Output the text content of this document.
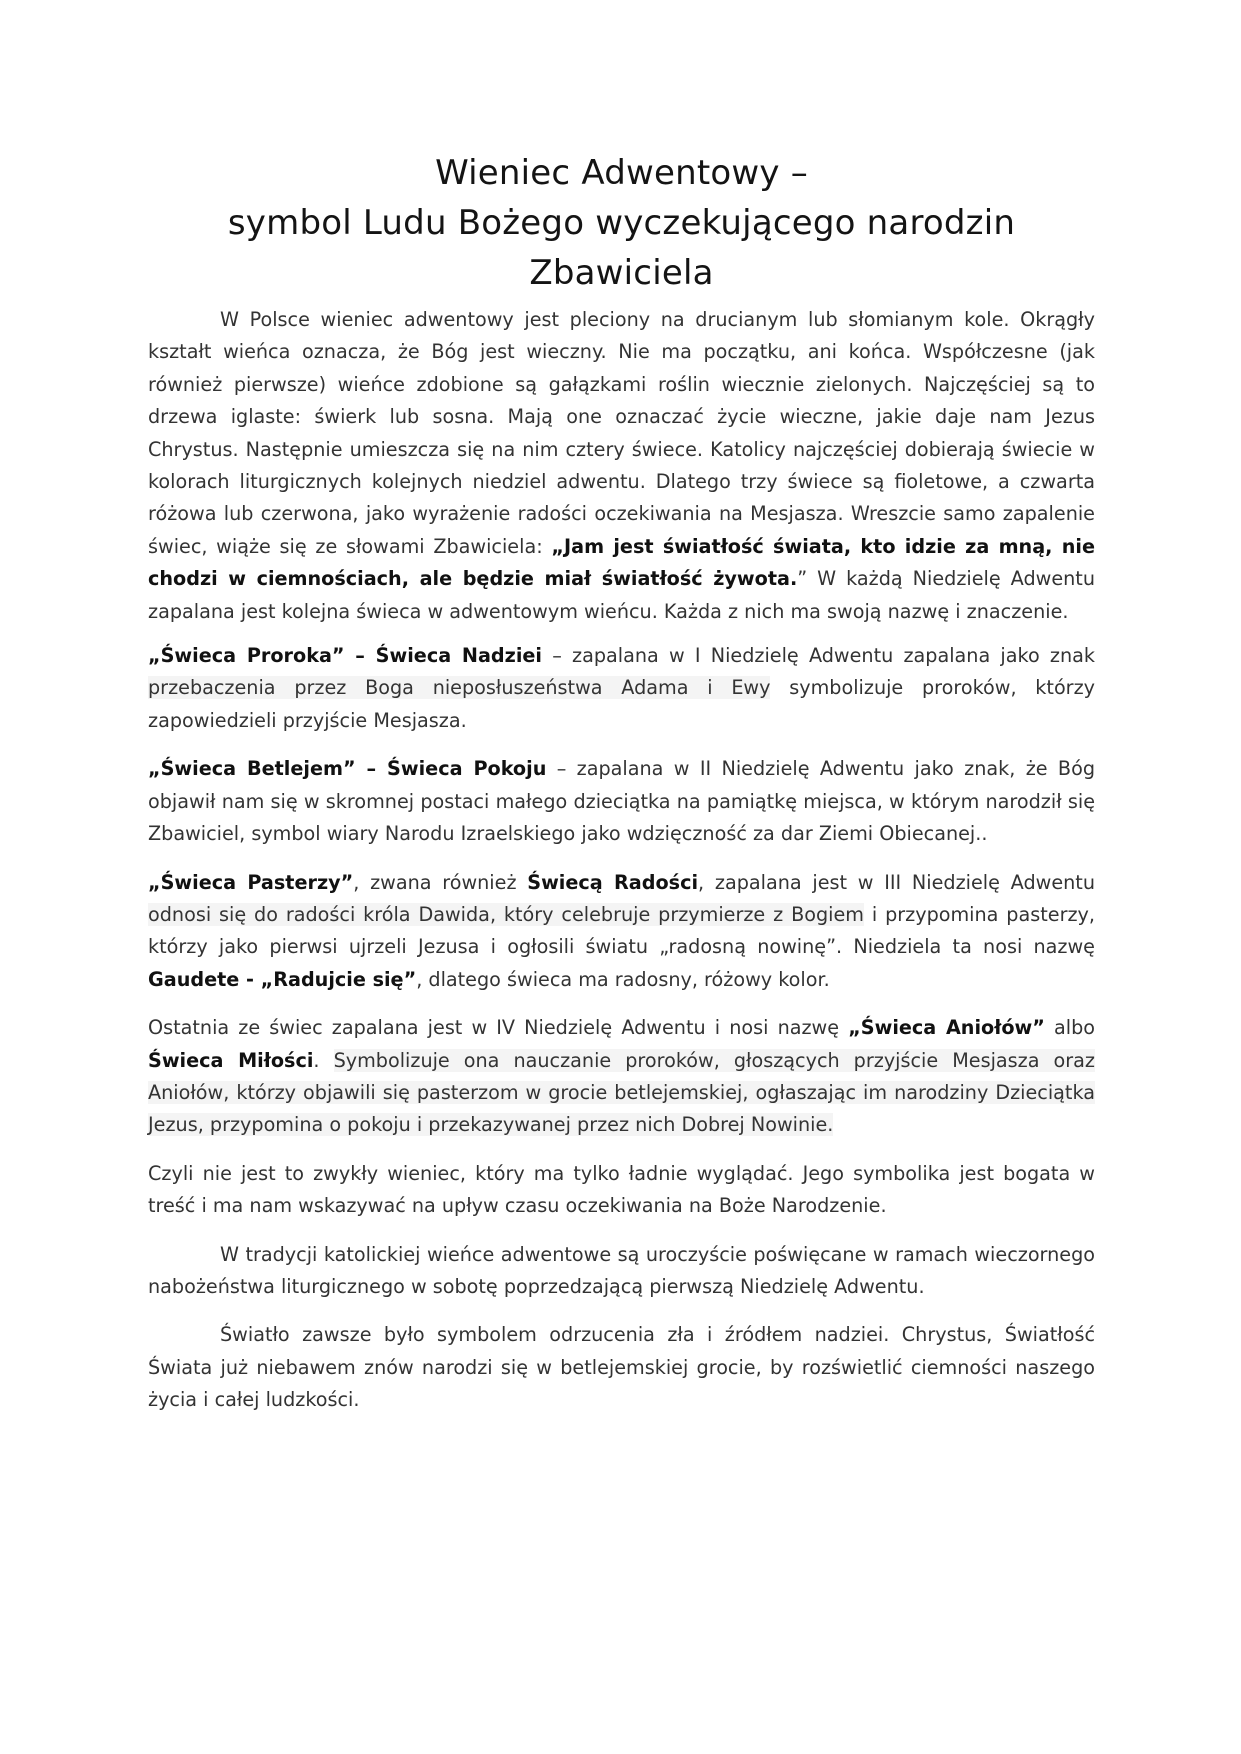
Wieniec Adwentowy –
symbol Ludu Bożego wyczekującego narodzin Zbawiciela

W Polsce wieniec adwentowy jest pleciony na drucianym lub słomianym kole. Okrągły kształt wieńca oznacza, że Bóg jest wieczny. Nie ma początku, ani końca. Współczesne (jak również pierwsze) wieńce zdobione są gałązkami roślin wiecznie zielonych. Najczęściej są to drzewa iglaste: świerk lub sosna. Mają one oznaczać życie wieczne, jakie daje nam Jezus Chrystus. Następnie umieszcza się na nim cztery świece. Katolicy najczęściej dobierają świecie w kolorach liturgicznych kolejnych niedziel adwentu. Dlatego trzy świece są fioletowe, a czwarta różowa lub czerwona, jako wyrażenie radości oczekiwania na Mesjasza. Wreszcie samo zapalenie świec, wiąże się ze słowami Zbawiciela: „Jam jest światłość świata, kto idzie za mną, nie chodzi w ciemnościach, ale będzie miał światłość żywota.” W każdą Niedzielę Adwentu zapalana jest kolejna świeca w adwentowym wieńcu. Każda z nich ma swoją nazwę i znaczenie.

„Świeca Proroka” – Świeca Nadziei – zapalana w I Niedzielę Adwentu zapalana jako znak przebaczenia przez Boga nieposłuszeństwa Adama i Ewy symbolizuje proroków, którzy zapowiedzieli przyjście Mesjasza.

„Świeca Betlejem” – Świeca Pokoju – zapalana w II Niedzielę Adwentu jako znak, że Bóg objawił nam się w skromnej postaci małego dzieciątka na pamiątkę miejsca, w którym narodził się Zbawiciel, symbol wiary Narodu Izraelskiego jako wdzięczność za dar Ziemi Obiecanej..

„Świeca Pasterzy”, zwana również Świecą Radości, zapalana jest w III Niedzielę Adwentu odnosi się do radości króla Dawida, który celebruje przymierze z Bogiem i przypomina pasterzy, którzy jako pierwsi ujrzeli Jezusa i ogłosili światu „radosną nowinę”. Niedziela ta nosi nazwę Gaudete - „Radujcie się”, dlatego świeca ma radosny, różowy kolor.

Ostatnia ze świec zapalana jest w IV Niedzielę Adwentu i nosi nazwę „Świeca Aniołów” albo Świeca Miłości. Symbolizuje ona nauczanie proroków, głoszących przyjście Mesjasza oraz Aniołów, którzy objawili się pasterzom w grocie betlejemskiej, ogłaszając im narodziny Dzieciątka Jezus, przypomina o pokoju i przekazywanej przez nich Dobrej Nowinie.

Czyli nie jest to zwykły wieniec, który ma tylko ładnie wyglądać. Jego symbolika jest bogata w treść i ma nam wskazywać na upływ czasu oczekiwania na Boże Narodzenie.

W tradycji katolickiej wieńce adwentowe są uroczyście poświęcane w ramach wieczornego nabożeństwa liturgicznego w sobotę poprzedzającą pierwszą Niedzielę Adwentu.

Światło zawsze było symbolem odrzucenia zła i źródłem nadziei. Chrystus, Światłość Świata już niebawem znów narodzi się w betlejemskiej grocie, by rozświetlić ciemności naszego życia i całej ludzkości.
